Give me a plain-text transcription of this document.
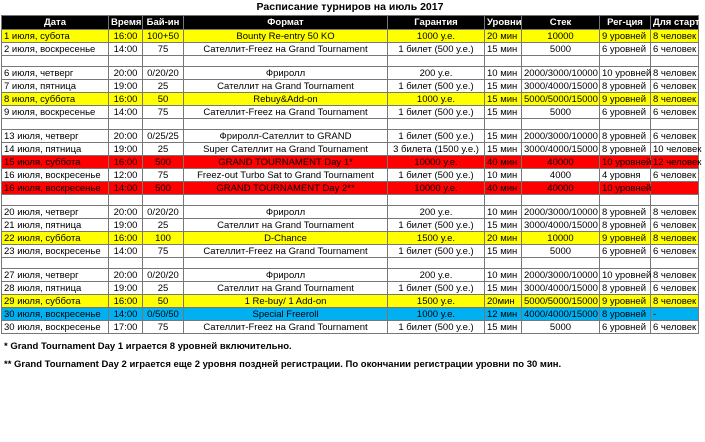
Расписание турниров на июль 2017
Дата	Время	Бай-ин	Формат	Гарантия	Уровни	Стек	Рег-ция	Для старта
1 июля, субота	16:00	100+50	Bounty Re-entry 50 KO	1000 у.е.	20 мин	10000	9 уровней	8 человек
2 июля, воскресенье	14:00	75	Сателлит-Freez на Grand Tournament	1 билет (500 у.е.)	15 мин	5000	6 уровней	6 человек

6 июля, четверг	20:00	0/20/20	Фриролл	200 у.е.	10 мин	2000/3000/10000	10 уровней	8 человек
7 июля, пятница	19:00	25	Сателлит на Grand Tournament	1 билет (500 у.е.)	15 мин	3000/4000/15000	8 уровней	6 человек
8 июля, суббота	16:00	50	Rebuy&Add-on	1000 у.е.	15 мин	5000/5000/15000	9 уровней	8 человек
9 июля, воскресенье	14:00	75	Сателлит-Freez на Grand Tournament	1 билет (500 у.е.)	15 мин	5000	6 уровней	6 человек

13 июля, четверг	20:00	0/25/25	Фриролл-Сателлит to GRAND	1 билет (500 у.е.)	15 мин	2000/3000/10000	8 уровней	6 человек
14 июля, пятница	19:00	25	Super Сателлит на Grand Tournament	3 билета (1500 у.е.)	15 мин	3000/4000/15000	8 уровней	10 человек
15 июля, суббота	16:00	500	GRAND TOURNAMENT Day 1*	10000 у.е.	40 мин	40000	10 уровней	12 человек
16 июля, воскресенье	12:00	75	Freez-out Turbo Sat to Grand Tournament	1 билет (500 у.е.)	10 мин	4000	4 уровня	6 человек
16 июля, воскресенье	14:00	500	GRAND TOURNAMENT Day 2**	10000 у.е.	40 мин	40000	10 уровней	

20 июля, четверг	20:00	0/20/20	Фриролл	200 у.е.	10 мин	2000/3000/10000	8 уровней	8 человек
21 июля, пятница	19:00	25	Сателлит на Grand Tournament	1 билет (500 у.е.)	15 мин	3000/4000/15000	8 уровней	6 человек
22 июля, суббота	16:00	100	D-Chance	1500 у.е.	20 мин	10000	9 уровней	8 человек
23 июля, воскресенье	14:00	75	Сателлит-Freez на Grand Tournament	1 билет (500 у.е.)	15 мин	5000	6 уровней	6 человек

27 июля, четверг	20:00	0/20/20	Фриролл	200 у.е.	10 мин	2000/3000/10000	10 уровней	8 человек
28 июля, пятница	19:00	25	Сателлит на Grand Tournament	1 билет (500 у.е.)	15 мин	3000/4000/15000	8 уровней	6 человек
29 июля, суббота	16:00	50	1 Re-buy/ 1 Add-on	1500 у.е.	20мин	5000/5000/15000	9 уровней	8 человек
30 июля, воскресенье	14:00	0/50/50	Special Freeroll	1000 у.е.	12 мин	4000/4000/15000	8 уровней	-
30 июля, воскресенье	17:00	75	Сателлит-Freez на Grand Tournament	1 билет (500 у.е.)	15 мин	5000	6 уровней	6 человек
* Grand Tournament Day 1 играется 8 уровней включительно.
** Grand Tournament Day 2 играется еще 2 уровня поздней регистрации. По окончании регистрации уровни по 30 мин.
